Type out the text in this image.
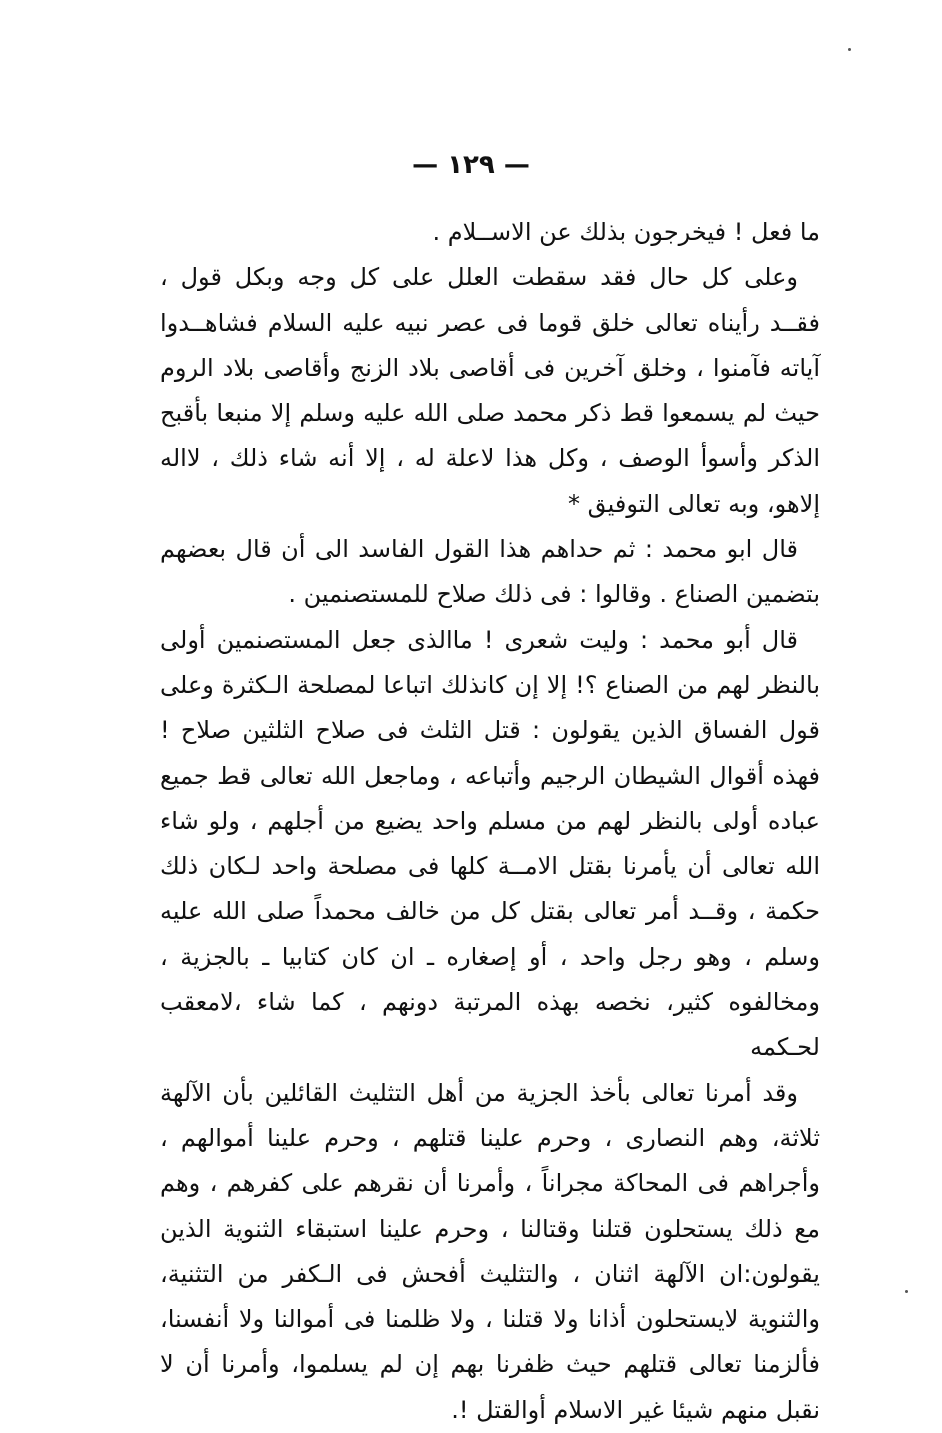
— ١٢٩ —

ما فعل ! فيخرجون بذلك عن الاســلام .

وعلى كل حال فقد سقطت العلل على كل وجه وبكل قول ، فقــد رأيناه تعالى خلق قوما فى عصر نبيه عليه السلام فشاهــدوا آياته فآمنوا ، وخلق آخرين فى أقاصى بلاد الزنج وأقاصى بلاد الروم حيث لم يسمعوا قط ذكر محمد صلى الله عليه وسلم إلا منبعا بأقبح الذكر وأسوأ الوصف ، وكل هذا لاعلة له ، إلا أنه شاء ذلك ، لااله إلاهو، وبه تعالى التوفيق *

قال ابو محمد : ثم حداهم هذا القول الفاسد الى أن قال بعضهم بتضمين الصناع . وقالوا : فى ذلك صلاح للمستصنمين .

قال أبو محمد : وليت شعرى ! ماالذى جعل المستصنمين أولى بالنظر لهم من الصناع ؟! إلا إن كانذلك اتباعا لمصلحة الـكثرة وعلى قول الفساق الذين يقولون : قتل الثلث فى صلاح الثلثين صلاح ! فهذه أقوال الشيطان الرجيم وأتباعه ، وماجعل الله تعالى قط جميع عباده أولى بالنظر لهم من مسلم واحد يضيع من أجلهم ، ولو شاء الله تعالى أن يأمرنا بقتل الامــة كلها فى مصلحة واحد لـكان ذلك حكمة ، وقــد أمر تعالى بقتل كل من خالف محمداً صلى الله عليه وسلم ، وهو رجل واحد ، أو إصغاره ـ ان كان كتابيا ـ بالجزية ، ومخالفوه كثير، نخصه بهذه المرتبة دونهم ، كما شاء ،لامعقب لحـكمه

وقد أمرنا تعالى بأخذ الجزية من أهل التثليث القائلين بأن الآلهة ثلاثة، وهم النصارى ، وحرم علينا قتلهم ، وحرم علينا أموالهم ، وأجراهم فى المحاكة مجراناً ، وأمرنا أن نقرهم على كفرهم ، وهم مع ذلك يستحلون قتلنا وقتالنا ، وحرم علينا استبقاء الثنوية الذين يقولون:ان الآلهة اثنان ، والتثليث أفحش فى الـكفر من التثنية، والثنوية لايستحلون أذانا ولا قتلنا ، ولا ظلمنا فى أموالنا ولا أنفسنا، فألزمنا تعالى قتلهم حيث ظفرنا بهم إن لم يسلموا، وأمرنا أن لا نقبل منهم شيئا غير الاسلام أوالقتل !.
